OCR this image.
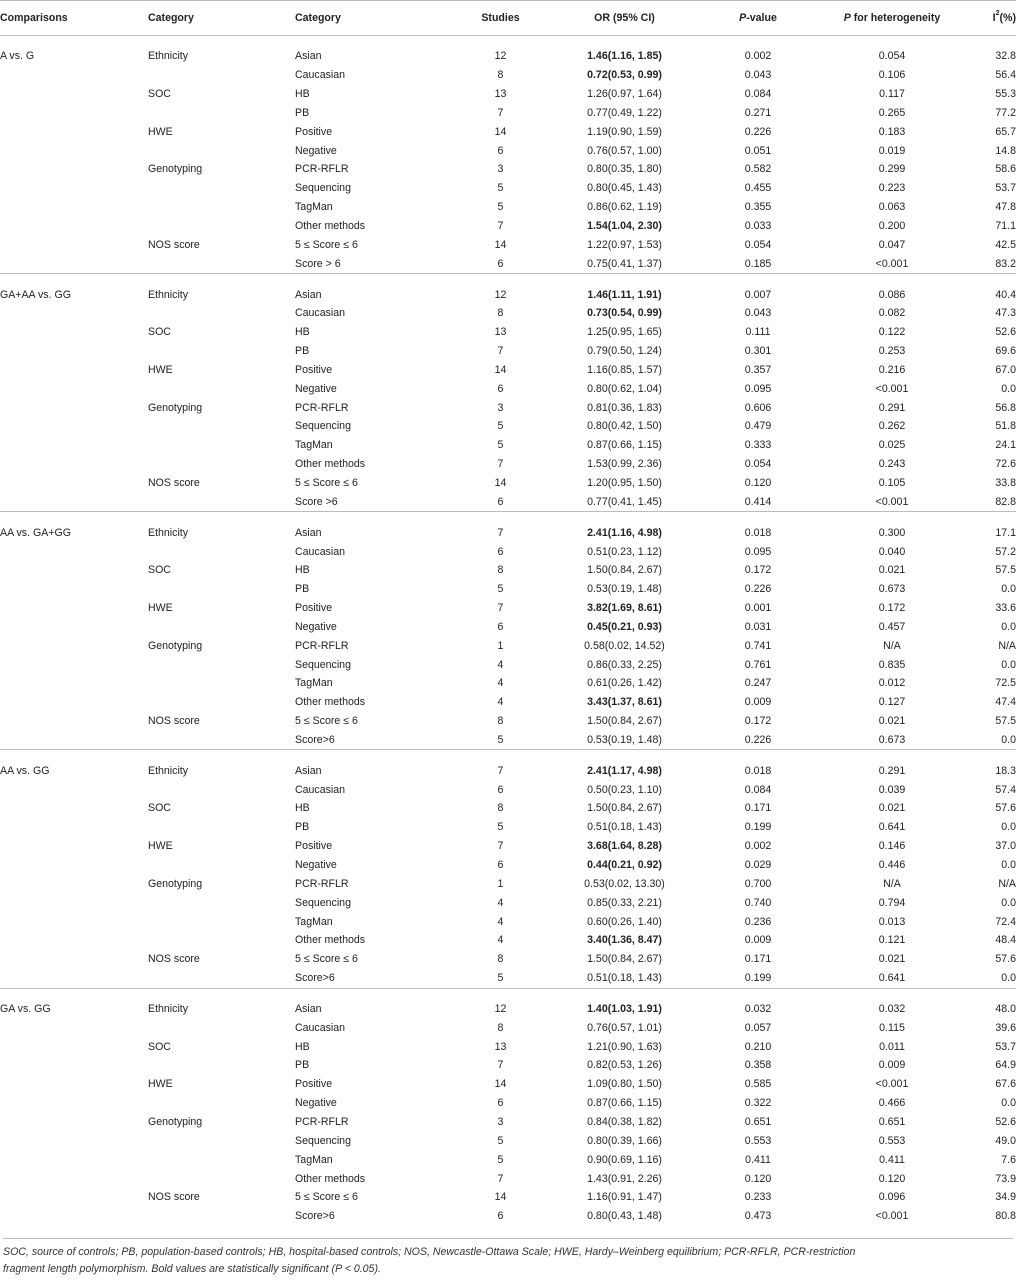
Comparisons	Category	Category	Studies	OR (95% CI)	P-value	P for heterogeneity	$I^2(\%)$

A vs. G	Ethnicity	Asian	12	1.46(1.16, 1.85)	0.002	0.054	32.8
		Caucasian	8	0.72(0.53, 0.99)	0.043	0.106	56.4
	SOC	HB	13	1.26(0.97, 1.64)	0.084	0.117	55.3
		PB	7	0.77(0.49, 1.22)	0.271	0.265	77.2
	HWE	Positive	14	1.19(0.90, 1.59)	0.226	0.183	65.7
		Negative	6	0.76(0.57, 1.00)	0.051	0.019	14.8
	Genotyping	PCR-RFLR	3	0.80(0.35, 1.80)	0.582	0.299	58.6
		Sequencing	5	0.80(0.45, 1.43)	0.455	0.223	53.7
		TagMan	5	0.86(0.62, 1.19)	0.355	0.063	47.8
		Other methods	7	1.54(1.04, 2.30)	0.033	0.200	71.1
	NOS score	5 ≤ Score ≤ 6	14	1.22(0.97, 1.53)	0.054	0.047	42.5
		Score > 6	6	0.75(0.41, 1.37)	0.185	<0.001	83.2

GA+AA vs. GG	Ethnicity	Asian	12	1.46(1.11, 1.91)	0.007	0.086	40.4
		Caucasian	8	0.73(0.54, 0.99)	0.043	0.082	47.3
	SOC	HB	13	1.25(0.95, 1.65)	0.111	0.122	52.6
		PB	7	0.79(0.50, 1.24)	0.301	0.253	69.6
	HWE	Positive	14	1.16(0.85, 1.57)	0.357	0.216	67.0
		Negative	6	0.80(0.62, 1.04)	0.095	<0.001	0.0
	Genotyping	PCR-RFLR	3	0.81(0.36, 1.83)	0.606	0.291	56.8
		Sequencing	5	0.80(0.42, 1.50)	0.479	0.262	51.8
		TagMan	5	0.87(0.66, 1.15)	0.333	0.025	24.1
		Other methods	7	1.53(0.99, 2.36)	0.054	0.243	72.6
	NOS score	5 ≤ Score ≤ 6	14	1.20(0.95, 1.50)	0.120	0.105	33.8
		Score >6	6	0.77(0.41, 1.45)	0.414	<0.001	82.8

AA vs. GA+GG	Ethnicity	Asian	7	2.41(1.16, 4.98)	0.018	0.300	17.1
		Caucasian	6	0.51(0.23, 1.12)	0.095	0.040	57.2
	SOC	HB	8	1.50(0.84, 2.67)	0.172	0.021	57.5
		PB	5	0.53(0.19, 1.48)	0.226	0.673	0.0
	HWE	Positive	7	3.82(1.69, 8.61)	0.001	0.172	33.6
		Negative	6	0.45(0.21, 0.93)	0.031	0.457	0.0
	Genotyping	PCR-RFLR	1	0.58(0.02, 14.52)	0.741	N/A	N/A
		Sequencing	4	0.86(0.33, 2.25)	0.761	0.835	0.0
		TagMan	4	0.61(0.26, 1.42)	0.247	0.012	72.5
		Other methods	4	3.43(1.37, 8.61)	0.009	0.127	47.4
	NOS score	5 ≤ Score ≤ 6	8	1.50(0.84, 2.67)	0.172	0.021	57.5
		Score>6	5	0.53(0.19, 1.48)	0.226	0.673	0.0

AA vs. GG	Ethnicity	Asian	7	2.41(1.17, 4.98)	0.018	0.291	18.3
		Caucasian	6	0.50(0.23, 1.10)	0.084	0.039	57.4
	SOC	HB	8	1.50(0.84, 2.67)	0.171	0.021	57.6
		PB	5	0.51(0.18, 1.43)	0.199	0.641	0.0
	HWE	Positive	7	3.68(1.64, 8.28)	0.002	0.146	37.0
		Negative	6	0.44(0.21, 0.92)	0.029	0.446	0.0
	Genotyping	PCR-RFLR	1	0.53(0.02, 13.30)	0.700	N/A	N/A
		Sequencing	4	0.85(0.33, 2.21)	0.740	0.794	0.0
		TagMan	4	0.60(0.26, 1.40)	0.236	0.013	72.4
		Other methods	4	3.40(1.36, 8.47)	0.009	0.121	48.4
	NOS score	5 ≤ Score ≤ 6	8	1.50(0.84, 2.67)	0.171	0.021	57.6
		Score>6	5	0.51(0.18, 1.43)	0.199	0.641	0.0

GA vs. GG	Ethnicity	Asian	12	1.40(1.03, 1.91)	0.032	0.032	48.0
		Caucasian	8	0.76(0.57, 1.01)	0.057	0.115	39.6
	SOC	HB	13	1.21(0.90, 1.63)	0.210	0.011	53.7
		PB	7	0.82(0.53, 1.26)	0.358	0.009	64.9
	HWE	Positive	14	1.09(0.80, 1.50)	0.585	<0.001	67.6
		Negative	6	0.87(0.66, 1.15)	0.322	0.466	0.0
	Genotyping	PCR-RFLR	3	0.84(0.38, 1.82)	0.651	0.651	52.6
		Sequencing	5	0.80(0.39, 1.66)	0.553	0.553	49.0
		TagMan	5	0.90(0.69, 1.16)	0.411	0.411	7.6
		Other methods	7	1.43(0.91, 2.26)	0.120	0.120	73.9
	NOS score	5 ≤ Score ≤ 6	14	1.16(0.91, 1.47)	0.233	0.096	34.9
		Score>6	6	0.80(0.43, 1.48)	0.473	<0.001	80.8

SOC, source of controls; PB, population-based controls; HB, hospital-based controls; NOS, Newcastle-Ottawa Scale; HWE, Hardy–Weinberg equilibrium; PCR-RFLR, PCR-restriction
fragment length polymorphism. Bold values are statistically significant (P < 0.05).
